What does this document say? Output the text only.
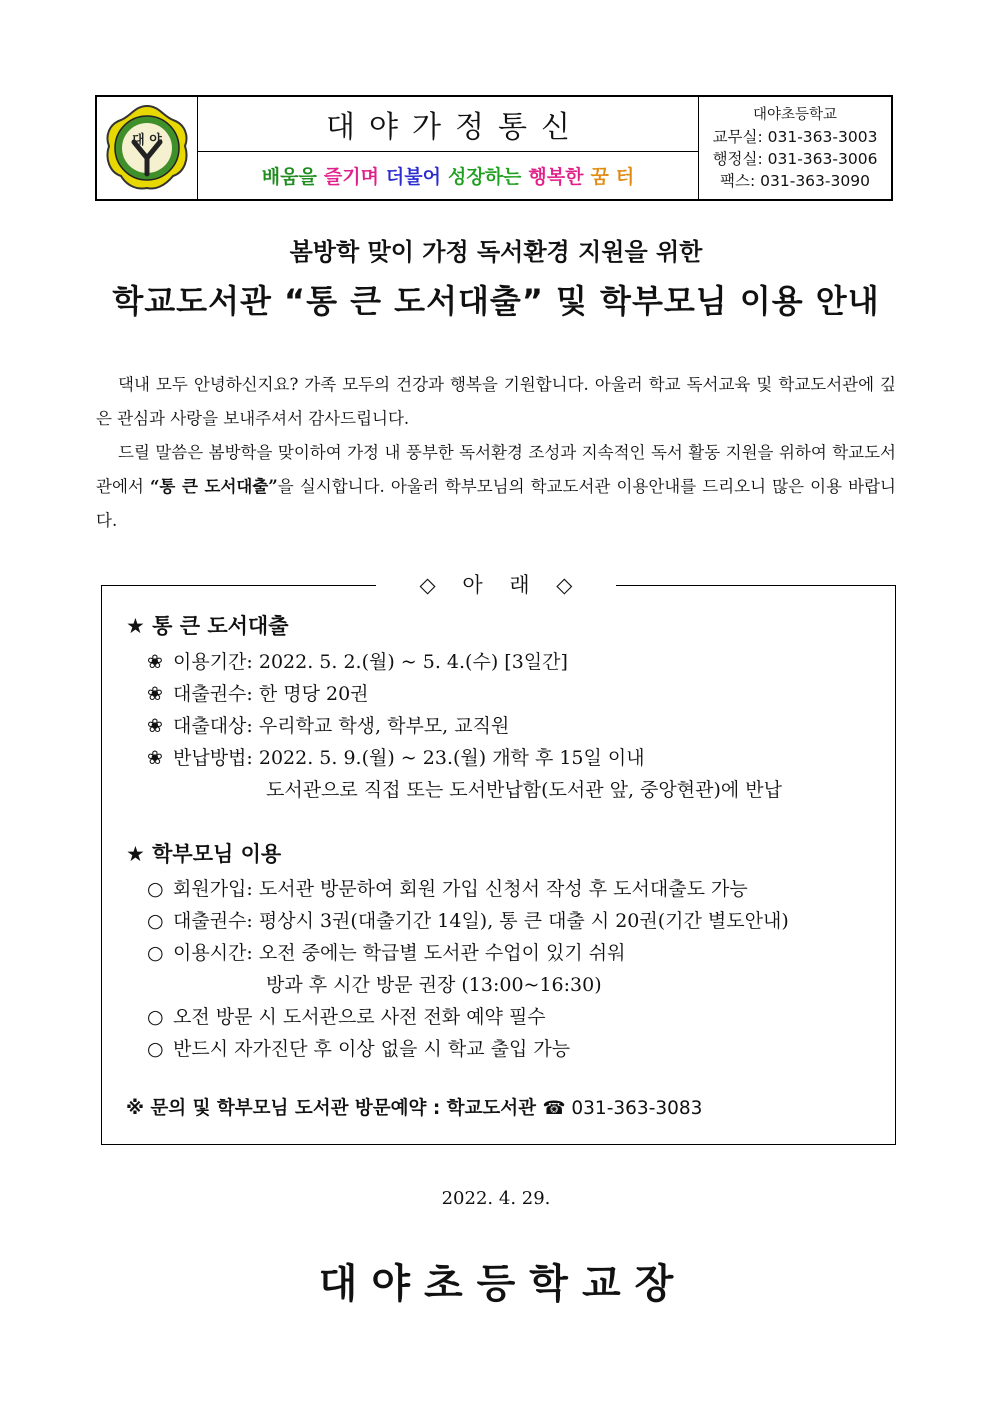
대 야	대야가정통신
배움을 즐기며 더불어 성장하는 행복한 꿈 터
대야초등학교
교무실: 031-363-3003
행정실: 031-363-3006
팩스: 031-363-3090
봄방학 맞이 가정 독서환경 지원을 위한
학교도서관 “통 큰 도서대출” 및 학부모님 이용 안내

댁내 모두 안녕하신지요? 가족 모두의 건강과 행복을 기원합니다. 아울러 학교 독서교육 및 학교도서관에 깊은 관심과 사랑을 보내주셔서 감사드립니다.

드릴 말씀은 봄방학을 맞이하여 가정 내 풍부한 독서환경 조성과 지속적인 독서 활동 지원을 위하여 학교도서관에서 “통 큰 도서대출”을 실시합니다. 아울러 학부모님의 학교도서관 이용안내를 드리오니 많은 이용 바랍니다.

◇ 아 래 ◇
★ 통 큰 도서대출
❀ 이용기간: 2022. 5. 2.(월) ~ 5. 4.(수) [3일간]
❀ 대출권수: 한 명당 20권
❀ 대출대상: 우리학교 학생, 학부모, 교직원
❀ 반납방법: 2022. 5. 9.(월) ~ 23.(월) 개학 후 15일 이내
도서관으로 직접 또는 도서반납함(도서관 앞, 중앙현관)에 반납
★ 학부모님 이용
○ 회원가입: 도서관 방문하여 회원 가입 신청서 작성 후 도서대출도 가능
○ 대출권수: 평상시 3권(대출기간 14일), 통 큰 대출 시 20권(기간 별도안내)
○ 이용시간: 오전 중에는 학급별 도서관 수업이 있기 쉬워
방과 후 시간 방문 권장 (13:00~16:30)
○ 오전 방문 시 도서관으로 사전 전화 예약 필수
○ 반드시 자가진단 후 이상 없을 시 학교 출입 가능
※ 문의 및 학부모님 도서관 방문예약 : 학교도서관 ☎ 031-363-3083
2022. 4. 29.
대야초등학교장
